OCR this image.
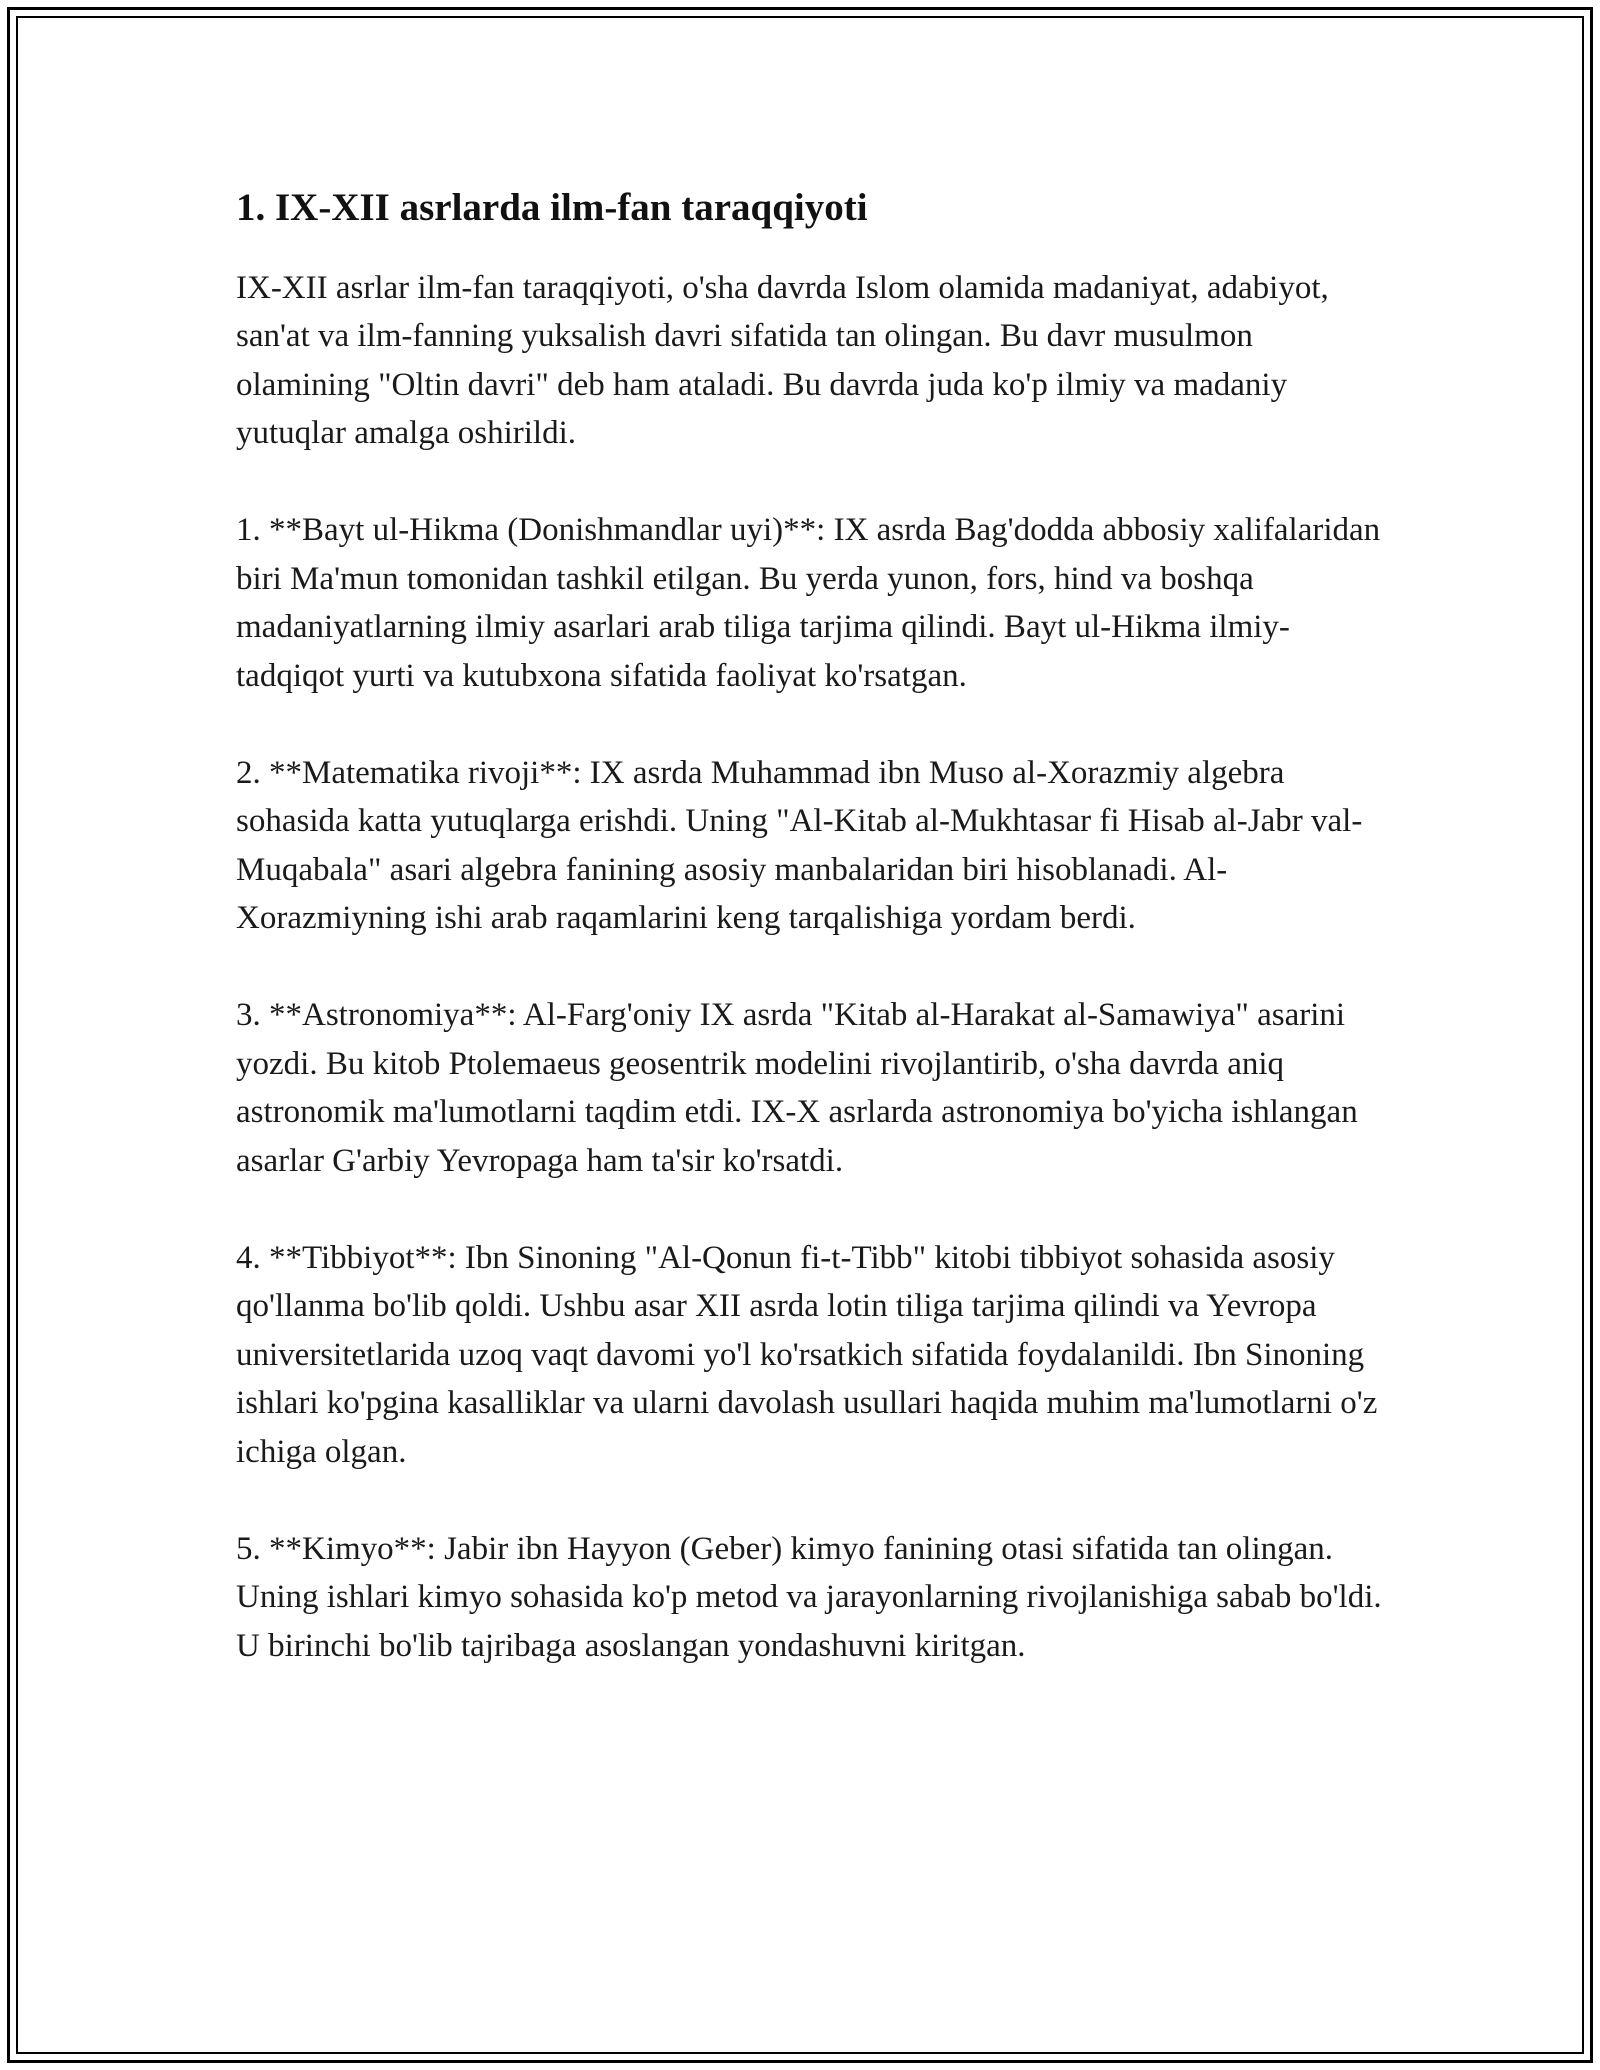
1. IX-XII asrlarda ilm-fan taraqqiyoti

IX-XII asrlar ilm-fan taraqqiyoti, o'sha davrda Islom olamida madaniyat, adabiyot, san'at va ilm-fanning yuksalish davri sifatida tan olingan. Bu davr musulmon olamining "Oltin davri" deb ham ataladi. Bu davrda juda ko'p ilmiy va madaniy yutuqlar amalga oshirildi.

1. **Bayt ul-Hikma (Donishmandlar uyi)**: IX asrda Bag'dodda abbosiy xalifalaridan biri Ma'mun tomonidan tashkil etilgan. Bu yerda yunon, fors, hind va boshqa madaniyatlarning ilmiy asarlari arab tiliga tarjima qilindi. Bayt ul-Hikma ilmiy-tadqiqot yurti va kutubxona sifatida faoliyat ko'rsatgan.

2. **Matematika rivoji**: IX asrda Muhammad ibn Muso al-Xorazmiy algebra sohasida katta yutuqlarga erishdi. Uning "Al-Kitab al-Mukhtasar fi Hisab al-Jabr val-Muqabala" asari algebra fanining asosiy manbalaridan biri hisoblanadi. Al-Xorazmiyning ishi arab raqamlarini keng tarqalishiga yordam berdi.

3. **Astronomiya**: Al-Farg'oniy IX asrda "Kitab al-Harakat al-Samawiya" asarini yozdi. Bu kitob Ptolemaeus geosentrik modelini rivojlantirib, o'sha davrda aniq astronomik ma'lumotlarni taqdim etdi. IX-X asrlarda astronomiya bo'yicha ishlangan asarlar G'arbiy Yevropaga ham ta'sir ko'rsatdi.

4. **Tibbiyot**: Ibn Sinoning "Al-Qonun fi-t-Tibb" kitobi tibbiyot sohasida asosiy qo'llanma bo'lib qoldi. Ushbu asar XII asrda lotin tiliga tarjima qilindi va Yevropa universitetlarida uzoq vaqt davomi yo'l ko'rsatkich sifatida foydalanildi. Ibn Sinoning ishlari ko'pgina kasalliklar va ularni davolash usullari haqida muhim ma'lumotlarni o'z ichiga olgan.

5. **Kimyo**: Jabir ibn Hayyon (Geber) kimyo fanining otasi sifatida tan olingan. Uning ishlari kimyo sohasida ko'p metod va jarayonlarning rivojlanishiga sabab bo'ldi. U birinchi bo'lib tajribaga asoslangan yondashuvni kiritgan.
